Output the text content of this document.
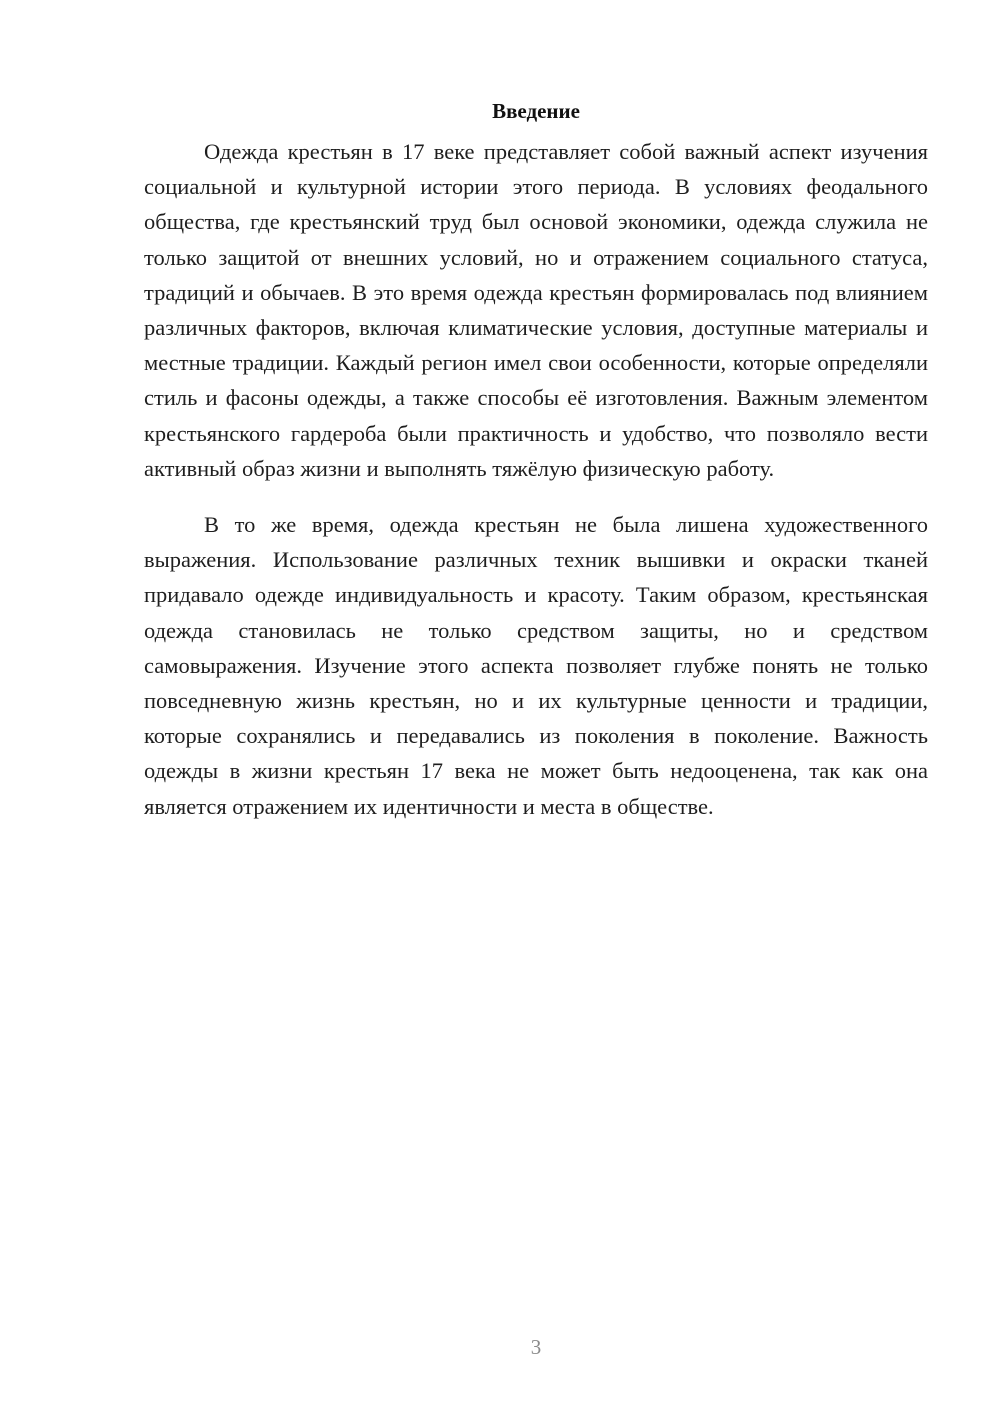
Введение

Одежда крестьян в 17 веке представляет собой важный аспект изучения социальной и культурной истории этого периода. В условиях феодального общества, где крестьянский труд был основой экономики, одежда служила не только защитой от внешних условий, но и отражением социального статуса, традиций и обычаев. В это время одежда крестьян формировалась под влиянием различных факторов, включая климатические условия, доступные материалы и местные традиции. Каждый регион имел свои особенности, которые определяли стиль и фасоны одежды, а также способы её изготовления. Важным элементом крестьянского гардероба были практичность и удобство, что позволяло вести активный образ жизни и выполнять тяжёлую физическую работу.

В то же время, одежда крестьян не была лишена художественного выражения. Использование различных техник вышивки и окраски тканей придавало одежде индивидуальность и красоту. Таким образом, крестьянская одежда становилась не только средством защиты, но и средством самовыражения. Изучение этого аспекта позволяет глубже понять не только повседневную жизнь крестьян, но и их культурные ценности и традиции, которые сохранялись и передавались из поколения в поколение. Важность одежды в жизни крестьян 17 века не может быть недооценена, так как она является отражением их идентичности и места в обществе.

3
